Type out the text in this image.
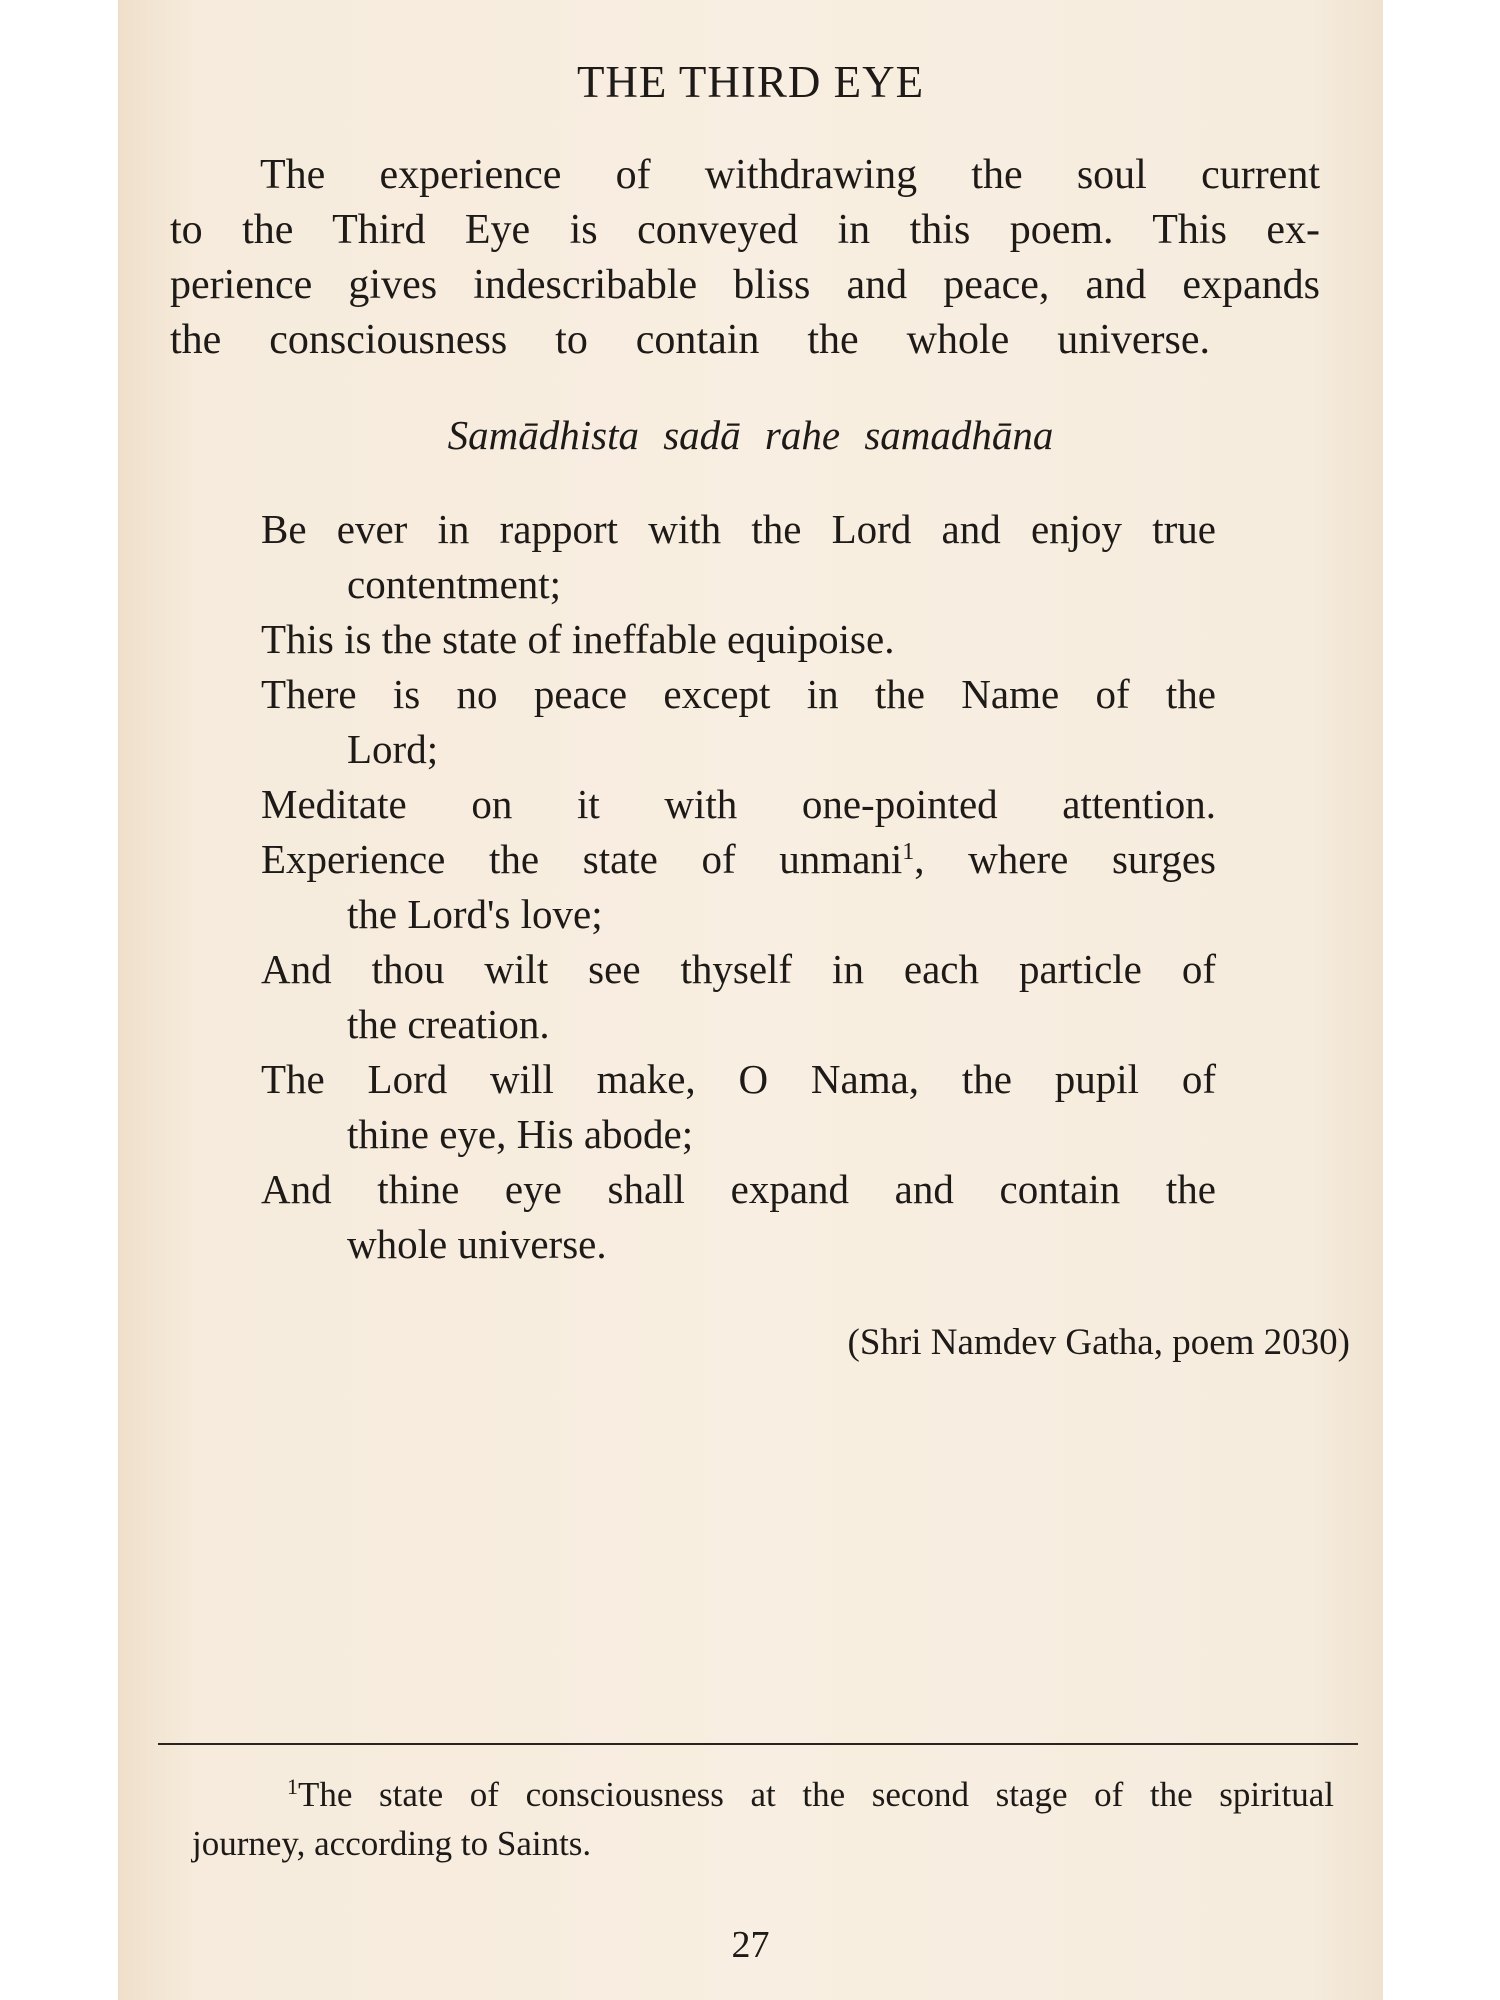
THE THIRD EYE
The experience of withdrawing the soul current
to the Third Eye is conveyed in this poem. This ex-
perience gives indescribable bliss and peace, and expands
the consciousness to contain the whole universe.
Samādhista sadā rahe samadhāna
Be ever in rapport with the Lord and enjoy true
contentment;
This is the state of ineffable equipoise.
There is no peace except in the Name of the
Lord;
Meditate on it with one-pointed attention.
Experience the state of unmani$^1$, where surges
the Lord's love;
And thou wilt see thyself in each particle of
the creation.
The Lord will make, O Nama, the pupil of
thine eye, His abode;
And thine eye shall expand and contain the
whole universe.
(Shri Namdev Gatha, poem 2030)
$^1$The state of consciousness at the second stage of the spiritual
journey, according to Saints.
27
